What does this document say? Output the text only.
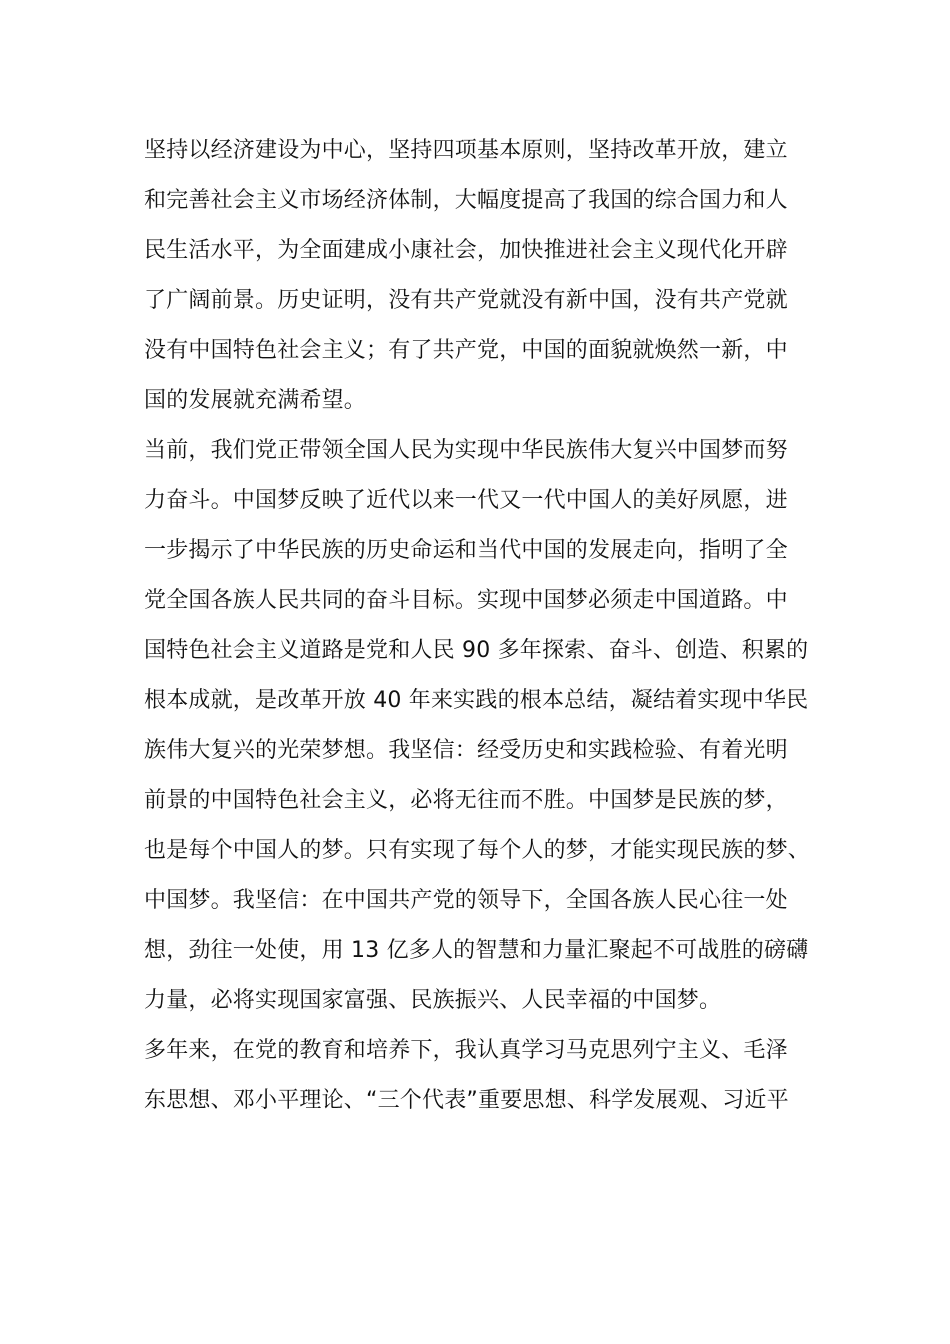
坚持以经济建设为中心，坚持四项基本原则，坚持改革开放，建立
和完善社会主义市场经济体制，大幅度提高了我国的综合国力和人
民生活水平，为全面建成小康社会，加快推进社会主义现代化开辟
了广阔前景。历史证明，没有共产党就没有新中国，没有共产党就
没有中国特色社会主义；有了共产党，中国的面貌就焕然一新，中
国的发展就充满希望。
当前，我们党正带领全国人民为实现中华民族伟大复兴中国梦而努
力奋斗。中国梦反映了近代以来一代又一代中国人的美好夙愿，进
一步揭示了中华民族的历史命运和当代中国的发展走向，指明了全
党全国各族人民共同的奋斗目标。实现中国梦必须走中国道路。中
国特色社会主义道路是党和人民 90 多年探索、奋斗、创造、积累的
根本成就，是改革开放 40 年来实践的根本总结，凝结着实现中华民
族伟大复兴的光荣梦想。我坚信：经受历史和实践检验、有着光明
前景的中国特色社会主义，必将无往而不胜。中国梦是民族的梦，
也是每个中国人的梦。只有实现了每个人的梦，才能实现民族的梦、
中国梦。我坚信：在中国共产党的领导下，全国各族人民心往一处
想，劲往一处使，用 13 亿多人的智慧和力量汇聚起不可战胜的磅礴
力量，必将实现国家富强、民族振兴、人民幸福的中国梦。
多年来，在党的教育和培养下，我认真学习马克思列宁主义、毛泽
东思想、邓小平理论、“三个代表”重要思想、科学发展观、习近平
